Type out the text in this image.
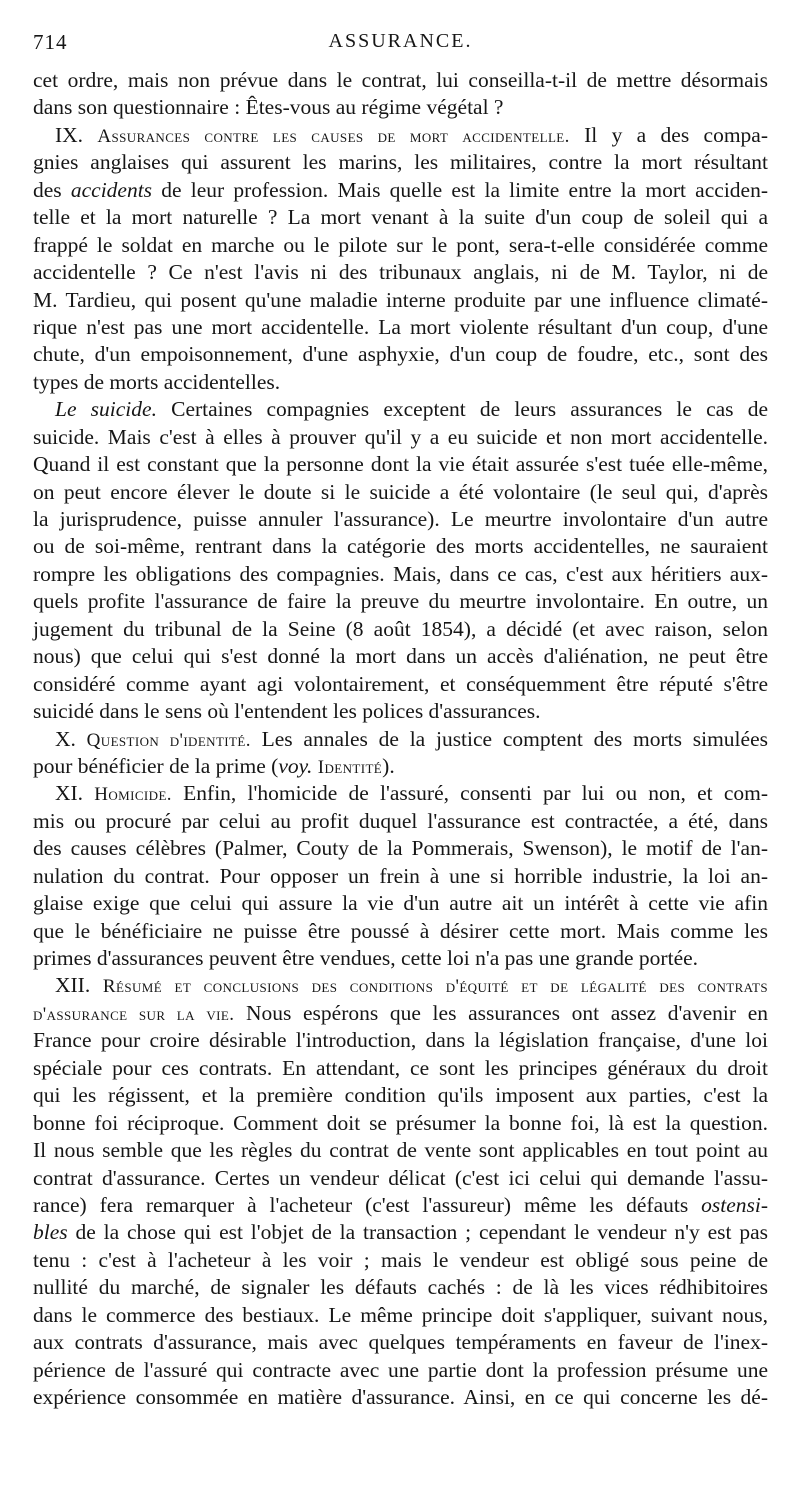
714	ASSURANCE.
cet ordre, mais non prévue dans le contrat, lui conseilla-t-il de mettre désormais
dans son questionnaire : Êtes-vous au régime végétal ?
IX. Assurances contre les causes de mort accidentelle. Il y a des compa-
gnies anglaises qui assurent les marins, les militaires, contre la mort résultant
des accidents de leur profession. Mais quelle est la limite entre la mort acciden-
telle et la mort naturelle ? La mort venant à la suite d'un coup de soleil qui a
frappé le soldat en marche ou le pilote sur le pont, sera-t-elle considérée comme
accidentelle ? Ce n'est l'avis ni des tribunaux anglais, ni de M. Taylor, ni de
M. Tardieu, qui posent qu'une maladie interne produite par une influence climaté-
rique n'est pas une mort accidentelle. La mort violente résultant d'un coup, d'une
chute, d'un empoisonnement, d'une asphyxie, d'un coup de foudre, etc., sont des
types de morts accidentelles.
Le suicide. Certaines compagnies exceptent de leurs assurances le cas de
suicide. Mais c'est à elles à prouver qu'il y a eu suicide et non mort accidentelle.
Quand il est constant que la personne dont la vie était assurée s'est tuée elle-même,
on peut encore élever le doute si le suicide a été volontaire (le seul qui, d'après
la jurisprudence, puisse annuler l'assurance). Le meurtre involontaire d'un autre
ou de soi-même, rentrant dans la catégorie des morts accidentelles, ne sauraient
rompre les obligations des compagnies. Mais, dans ce cas, c'est aux héritiers aux-
quels profite l'assurance de faire la preuve du meurtre involontaire. En outre, un
jugement du tribunal de la Seine (8 août 1854), a décidé (et avec raison, selon
nous) que celui qui s'est donné la mort dans un accès d'aliénation, ne peut être
considéré comme ayant agi volontairement, et conséquemment être réputé s'être
suicidé dans le sens où l'entendent les polices d'assurances.
X. Question d'identité. Les annales de la justice comptent des morts simulées
pour bénéficier de la prime (voy. Identité).
XI. Homicide. Enfin, l'homicide de l'assuré, consenti par lui ou non, et com-
mis ou procuré par celui au profit duquel l'assurance est contractée, a été, dans
des causes célèbres (Palmer, Couty de la Pommerais, Swenson), le motif de l'an-
nulation du contrat. Pour opposer un frein à une si horrible industrie, la loi an-
glaise exige que celui qui assure la vie d'un autre ait un intérêt à cette vie afin
que le bénéficiaire ne puisse être poussé à désirer cette mort. Mais comme les
primes d'assurances peuvent être vendues, cette loi n'a pas une grande portée.
XII. Résumé et conclusions des conditions d'équité et de légalité des contrats
d'assurance sur la vie. Nous espérons que les assurances ont assez d'avenir en
France pour croire désirable l'introduction, dans la législation française, d'une loi
spéciale pour ces contrats. En attendant, ce sont les principes généraux du droit
qui les régissent, et la première condition qu'ils imposent aux parties, c'est la
bonne foi réciproque. Comment doit se présumer la bonne foi, là est la question.
Il nous semble que les règles du contrat de vente sont applicables en tout point au
contrat d'assurance. Certes un vendeur délicat (c'est ici celui qui demande l'assu-
rance) fera remarquer à l'acheteur (c'est l'assureur) même les défauts ostensi-
bles de la chose qui est l'objet de la transaction ; cependant le vendeur n'y est pas
tenu : c'est à l'acheteur à les voir ; mais le vendeur est obligé sous peine de
nullité du marché, de signaler les défauts cachés : de là les vices rédhibitoires
dans le commerce des bestiaux. Le même principe doit s'appliquer, suivant nous,
aux contrats d'assurance, mais avec quelques tempéraments en faveur de l'inex-
périence de l'assuré qui contracte avec une partie dont la profession présume une
expérience consommée en matière d'assurance. Ainsi, en ce qui concerne les dé-
